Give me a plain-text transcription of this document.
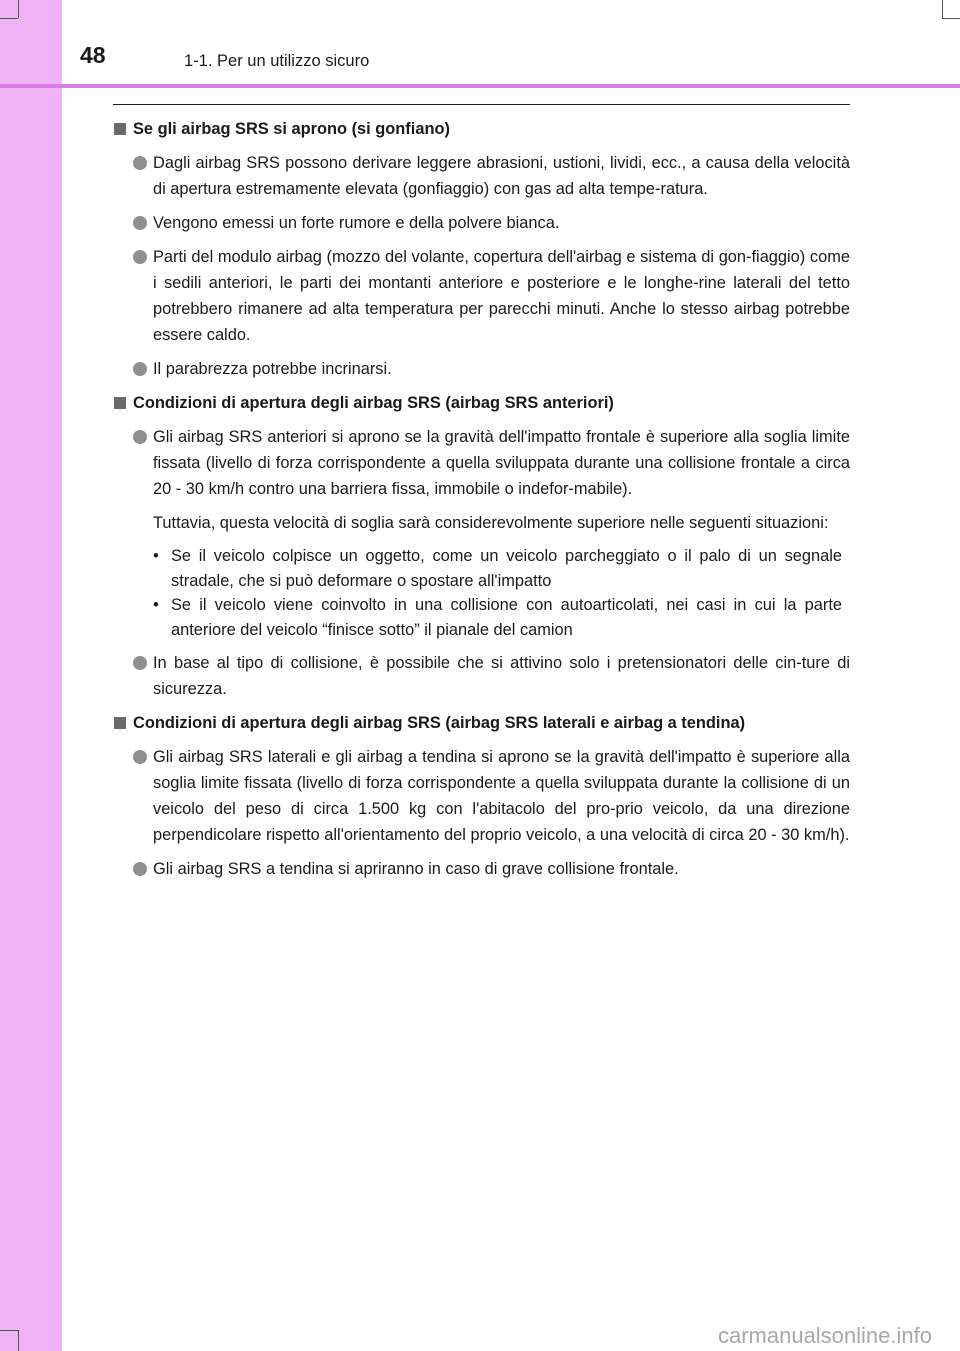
48	1-1. Per un utilizzo sicuro
Se gli airbag SRS si aprono (si gonfiano)
Dagli airbag SRS possono derivare leggere abrasioni, ustioni, lividi, ecc., a causa della velocità di apertura estremamente elevata (gonfiaggio) con gas ad alta tempe-ratura.
Vengono emessi un forte rumore e della polvere bianca.
Parti del modulo airbag (mozzo del volante, copertura dell'airbag e sistema di gon-fiaggio) come i sedili anteriori, le parti dei montanti anteriore e posteriore e le longhe-rine laterali del tetto potrebbero rimanere ad alta temperatura per parecchi minuti. Anche lo stesso airbag potrebbe essere caldo.
Il parabrezza potrebbe incrinarsi.
Condizioni di apertura degli airbag SRS (airbag SRS anteriori)
Gli airbag SRS anteriori si aprono se la gravità dell'impatto frontale è superiore alla soglia limite fissata (livello di forza corrispondente a quella sviluppata durante una collisione frontale a circa 20 - 30 km/h contro una barriera fissa, immobile o indefor-mabile).
Tuttavia, questa velocità di soglia sarà considerevolmente superiore nelle seguenti situazioni:
• Se il veicolo colpisce un oggetto, come un veicolo parcheggiato o il palo di un segnale stradale, che si può deformare o spostare all'impatto
• Se il veicolo viene coinvolto in una collisione con autoarticolati, nei casi in cui la parte anteriore del veicolo “finisce sotto” il pianale del camion
In base al tipo di collisione, è possibile che si attivino solo i pretensionatori delle cin-ture di sicurezza.
Condizioni di apertura degli airbag SRS (airbag SRS laterali e airbag a tendina)
Gli airbag SRS laterali e gli airbag a tendina si aprono se la gravità dell'impatto è superiore alla soglia limite fissata (livello di forza corrispondente a quella sviluppata durante la collisione di un veicolo del peso di circa 1.500 kg con l'abitacolo del pro-prio veicolo, da una direzione perpendicolare rispetto all'orientamento del proprio veicolo, a una velocità di circa 20 - 30 km/h).
Gli airbag SRS a tendina si apriranno in caso di grave collisione frontale.
carmanualsonline.info
